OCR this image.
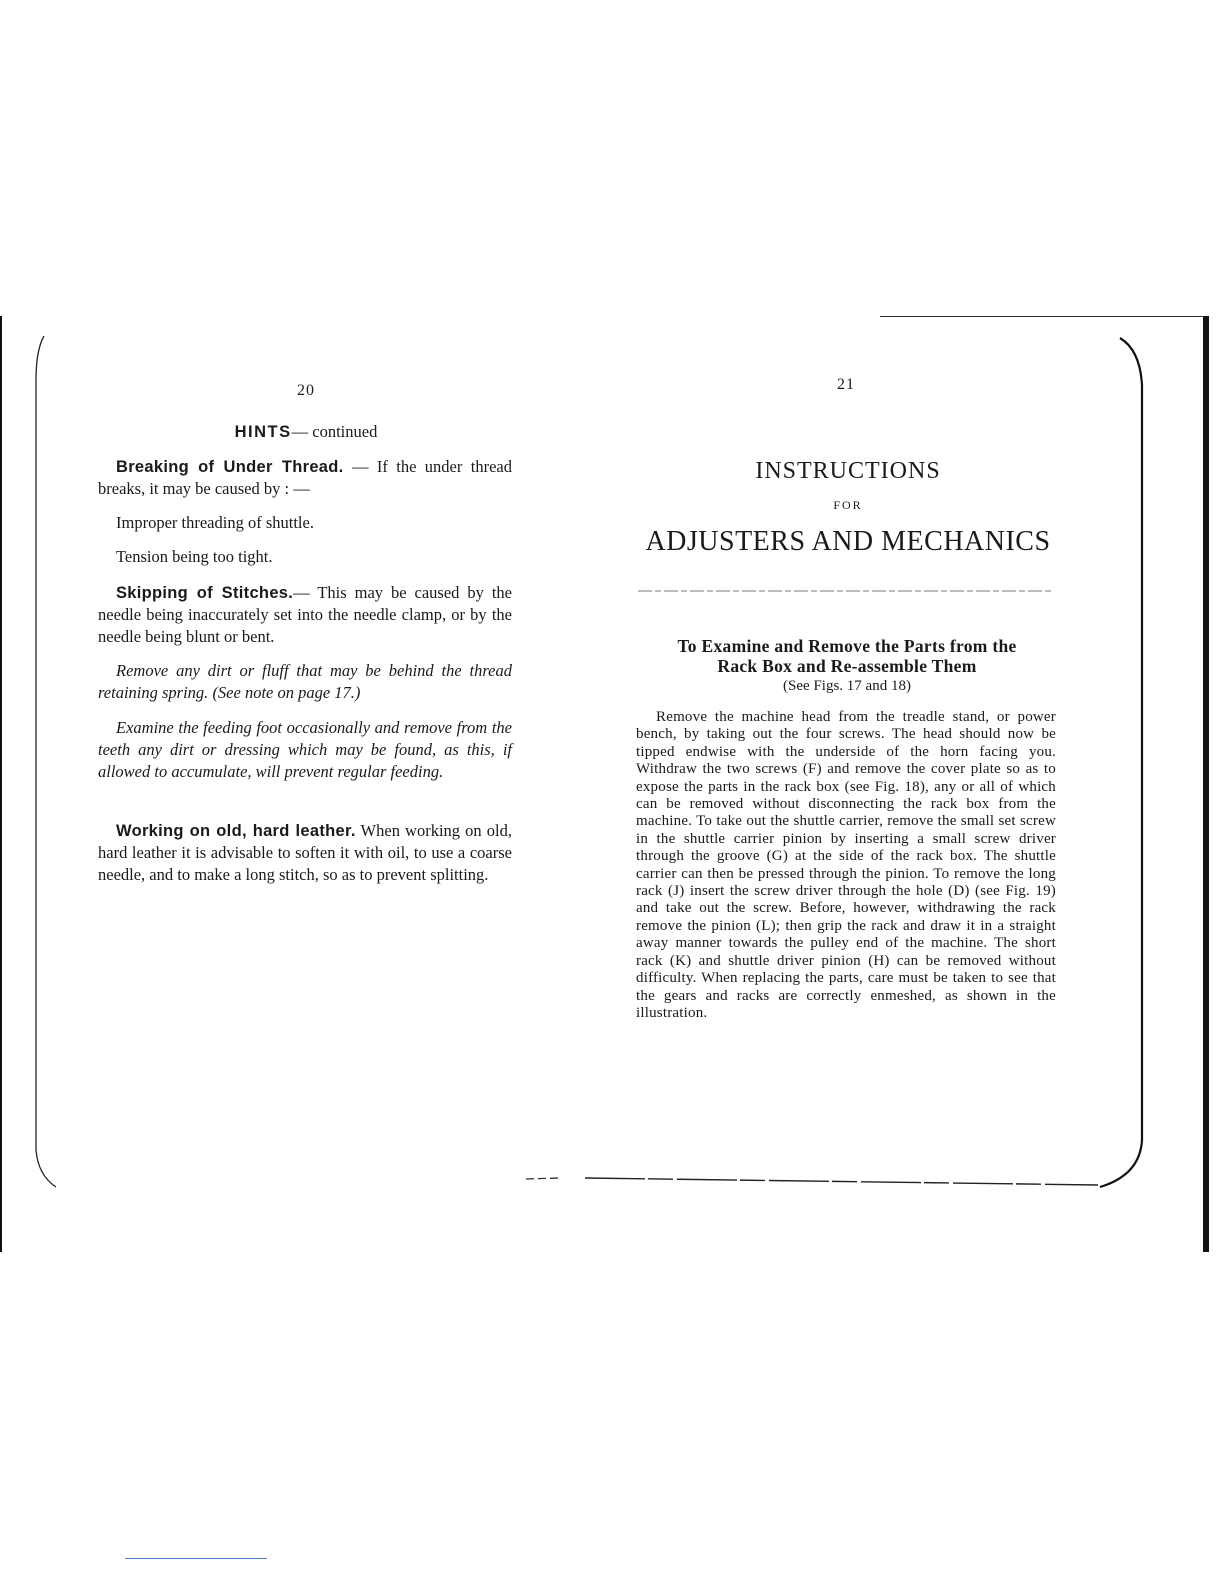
20
HINTS— continued

Breaking of Under Thread. — If the under thread breaks, it may be caused by : —

Improper threading of shuttle.

Tension being too tight.

Skipping of Stitches.— This may be caused by the needle being inaccurately set into the needle clamp, or by the needle being blunt or bent.

Remove any dirt or fluff that may be behind the thread retaining spring. (See note on page 17.)

Examine the feeding foot occasionally and remove from the teeth any dirt or dressing which may be found, as this, if allowed to accumulate, will prevent regular feeding.

Working on old, hard leather. When working on old, hard leather it is advisable to soften it with oil, to use a coarse needle, and to make a long stitch, so as to prevent splitting.

21
INSTRUCTIONS
FOR
ADJUSTERS AND MECHANICS
To Examine and Remove the Parts from the
Rack Box and Re-assemble Them
(See Figs. 17 and 18)

Remove the machine head from the treadle stand, or power bench, by taking out the four screws. The head should now be tipped endwise with the underside of the horn facing you. Withdraw the two screws (F) and remove the cover plate so as to expose the parts in the rack box (see Fig. 18), any or all of which can be removed without disconnecting the rack box from the machine. To take out the shuttle carrier, remove the small set screw in the shuttle carrier pinion by inserting a small screw driver through the groove (G) at the side of the rack box. The shuttle carrier can then be pressed through the pinion. To remove the long rack (J) insert the screw driver through the hole (D) (see Fig. 19) and take out the screw. Before, however, withdrawing the rack remove the pinion (L); then grip the rack and draw it in a straight away manner towards the pulley end of the machine. The short rack (K) and shuttle driver pinion (H) can be removed without difficulty. When replacing the parts, care must be taken to see that the gears and racks are correctly enmeshed, as shown in the illustration.
